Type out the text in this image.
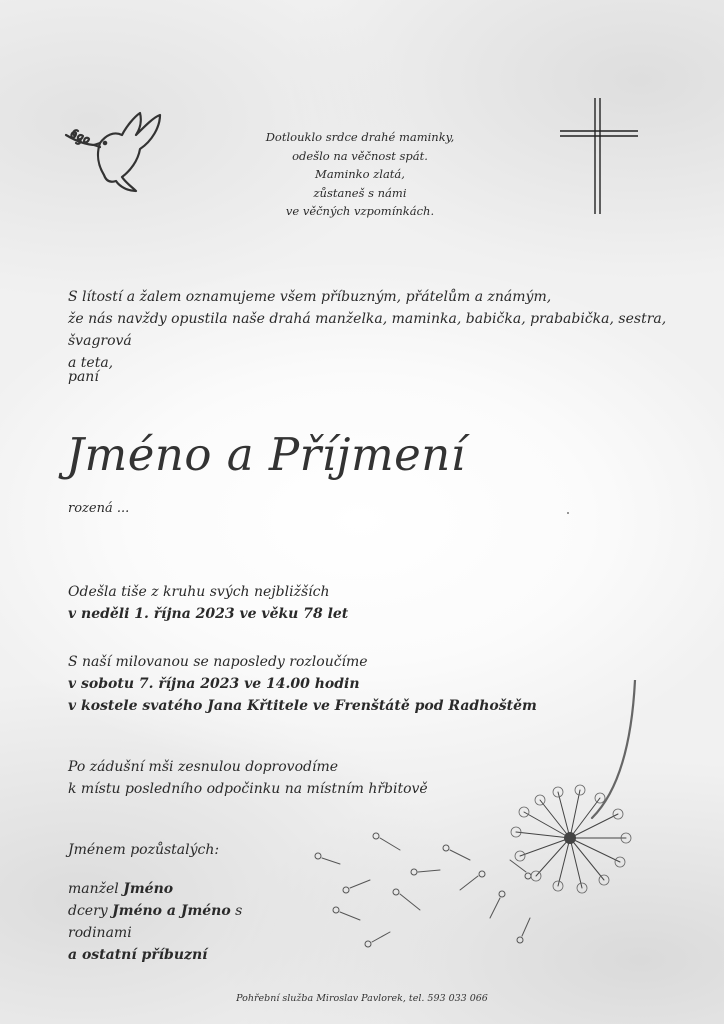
Dotlouklo srdce drahé maminky,
odešlo na věčnost spát.
Maminko zlatá,
zůstaneš s námi
ve věčných vzpomínkách.
S lítostí a žalem oznamujeme všem příbuzným, přátelům a známým,
že nás navždy opustila naše drahá manželka, maminka, babička, prababička, sestra, švagrová
a teta,
paní
Jméno a Příjmení
rozená ...
Odešla tiše z kruhu svých nejbližších
v neděli 1. října 2023 ve věku 78 let
S naší milovanou se naposledy rozloučíme
v sobotu 7. října 2023 ve 14.00 hodin
v kostele svatého Jana Křtitele ve Frenštátě pod Radhoštěm
Po zádušní mši zesnulou doprovodíme
k místu posledního odpočinku na místním hřbitově
Jménem pozůstalých:
manžel Jméno
dcery Jméno a Jméno s
rodinami
a ostatní příbuzní
Pohřební služba Miroslav Pavlorek, tel. 593 033 066
